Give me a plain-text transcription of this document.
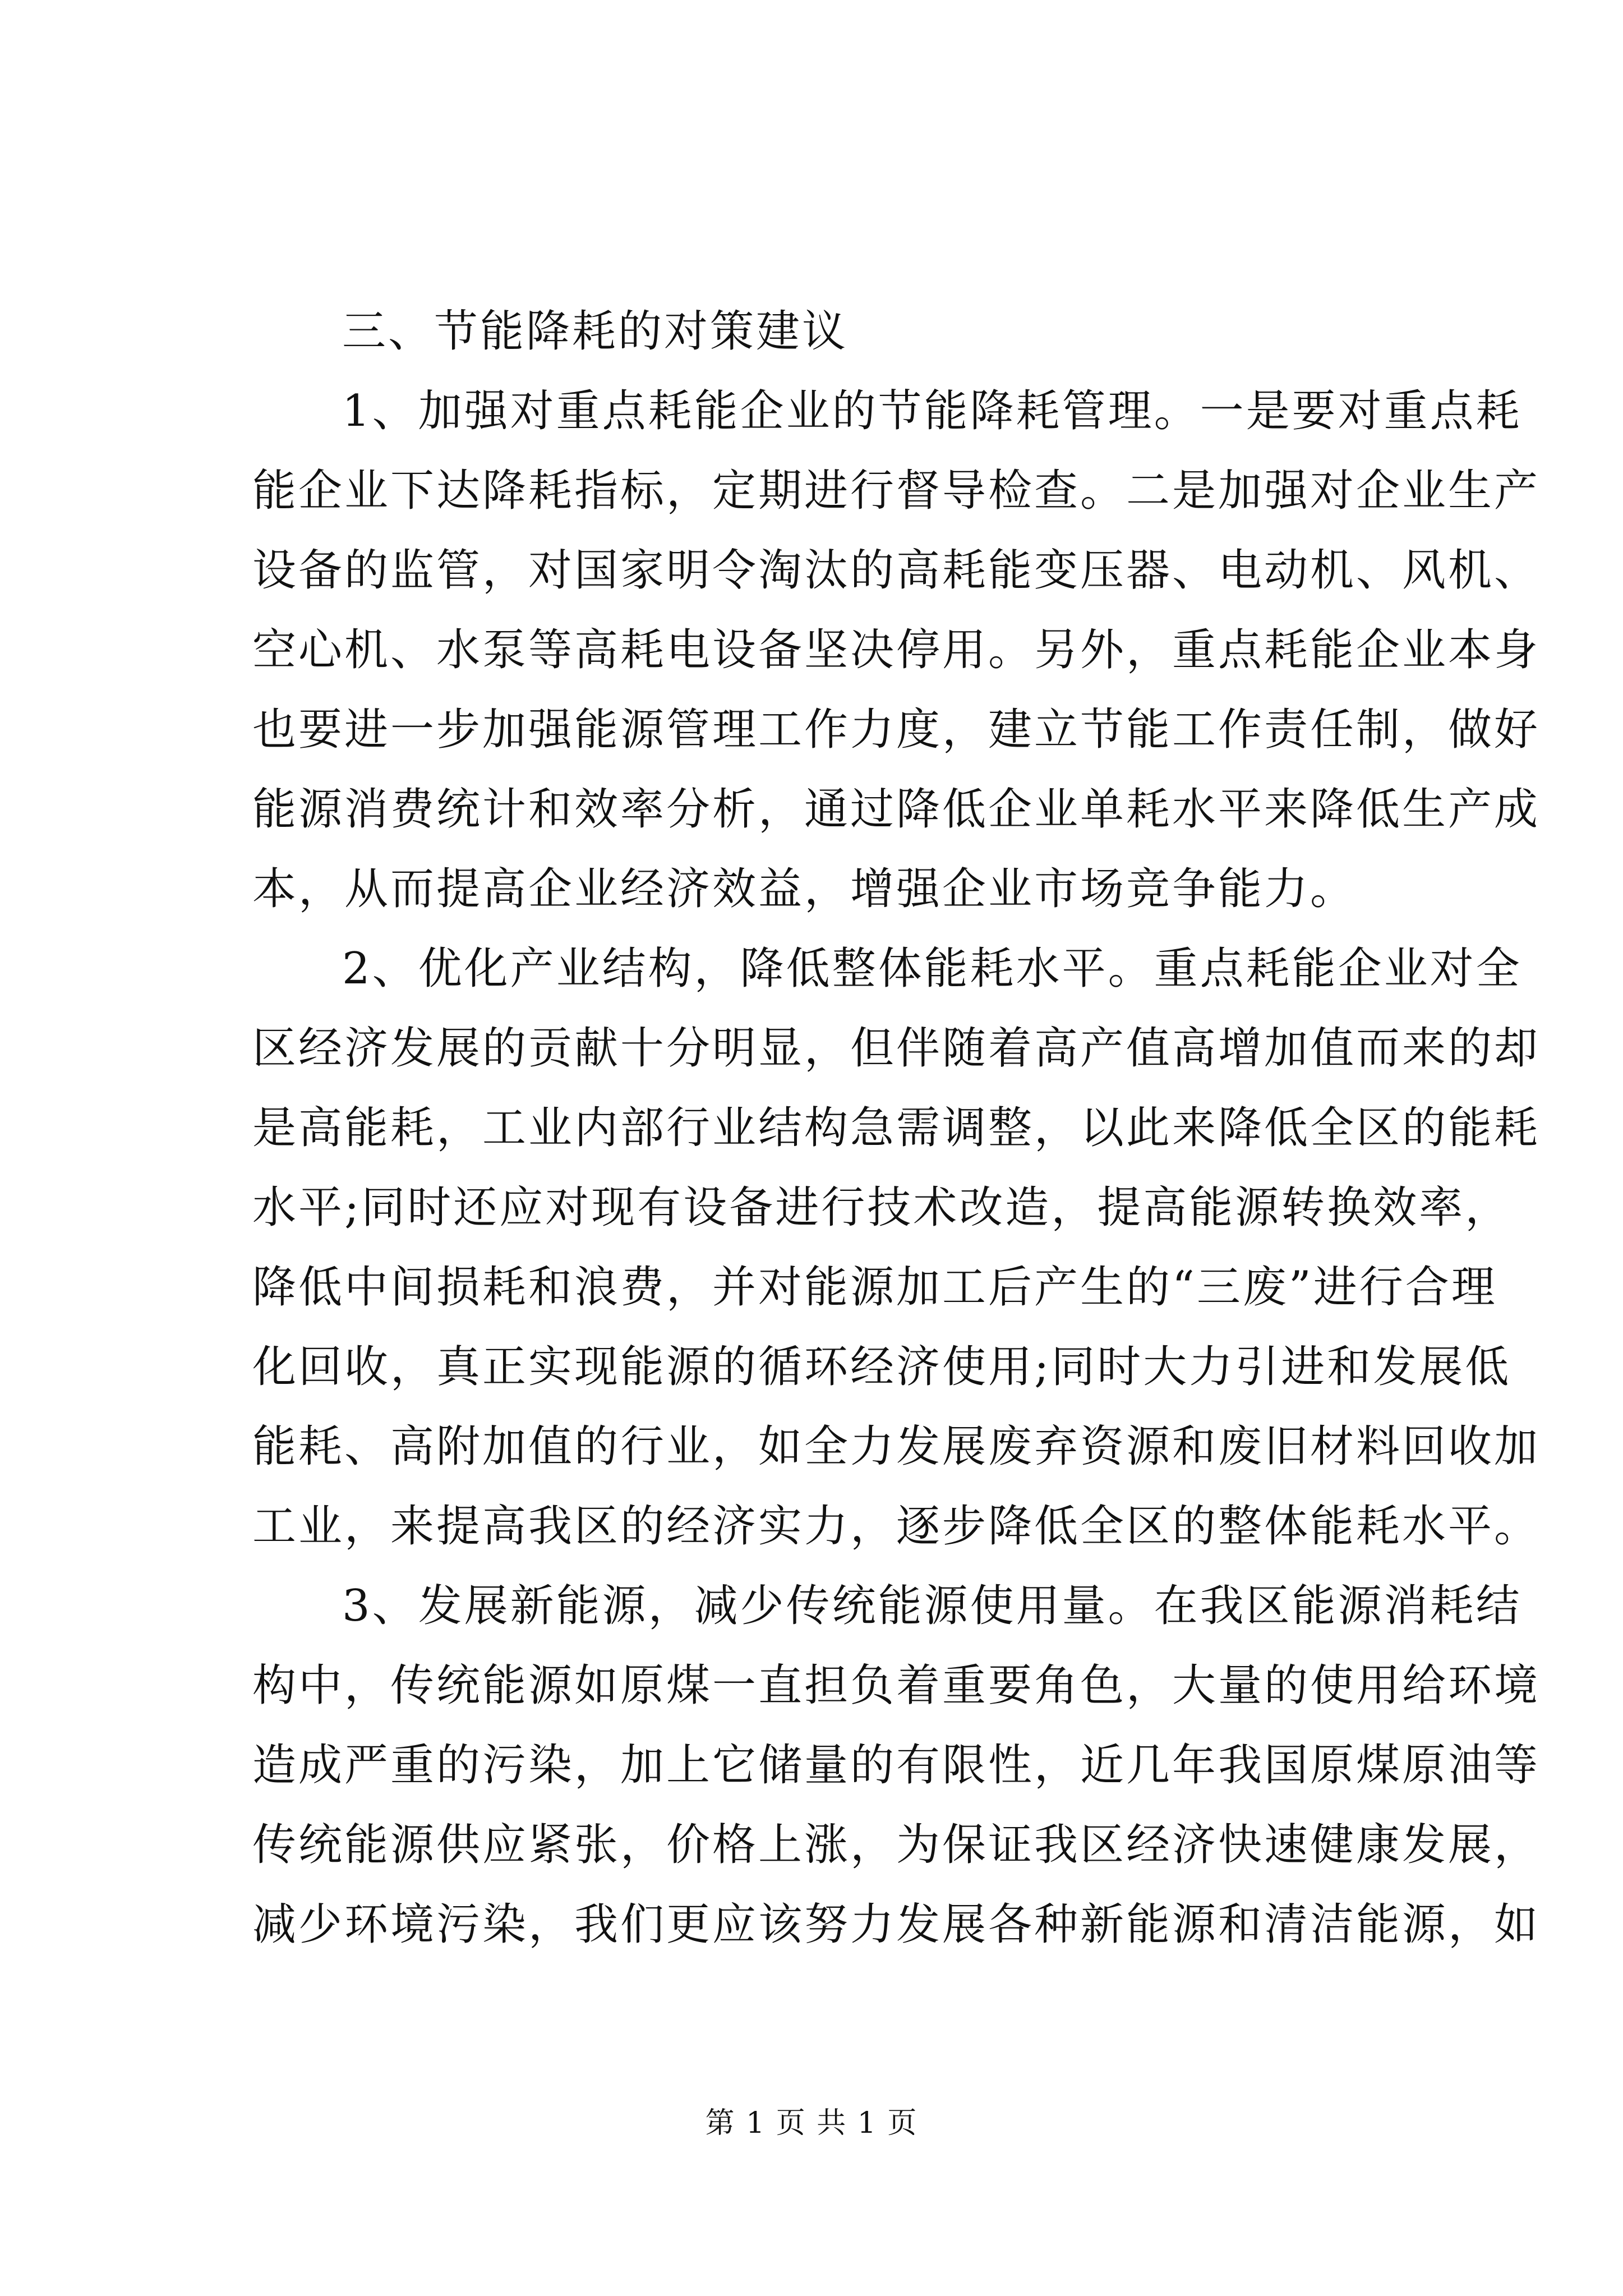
三、节能降耗的对策建议
1、加强对重点耗能企业的节能降耗管理。一是要对重点耗
能企业下达降耗指标，定期进行督导检查。二是加强对企业生产
设备的监管，对国家明令淘汰的高耗能变压器、电动机、风机、
空心机、水泵等高耗电设备坚决停用。另外，重点耗能企业本身
也要进一步加强能源管理工作力度，建立节能工作责任制，做好
能源消费统计和效率分析，通过降低企业单耗水平来降低生产成
本，从而提高企业经济效益，增强企业市场竞争能力。
2、优化产业结构，降低整体能耗水平。重点耗能企业对全
区经济发展的贡献十分明显，但伴随着高产值高增加值而来的却
是高能耗，工业内部行业结构急需调整，以此来降低全区的能耗
水平;同时还应对现有设备进行技术改造，提高能源转换效率，
降低中间损耗和浪费，并对能源加工后产生的“三废”进行合理
化回收，真正实现能源的循环经济使用;同时大力引进和发展低
能耗、高附加值的行业，如全力发展废弃资源和废旧材料回收加
工业，来提高我区的经济实力，逐步降低全区的整体能耗水平。
3、发展新能源，减少传统能源使用量。在我区能源消耗结
构中，传统能源如原煤一直担负着重要角色，大量的使用给环境
造成严重的污染，加上它储量的有限性，近几年我国原煤原油等
传统能源供应紧张，价格上涨，为保证我区经济快速健康发展，
减少环境污染，我们更应该努力发展各种新能源和清洁能源，如
第 1 页 共 1 页
